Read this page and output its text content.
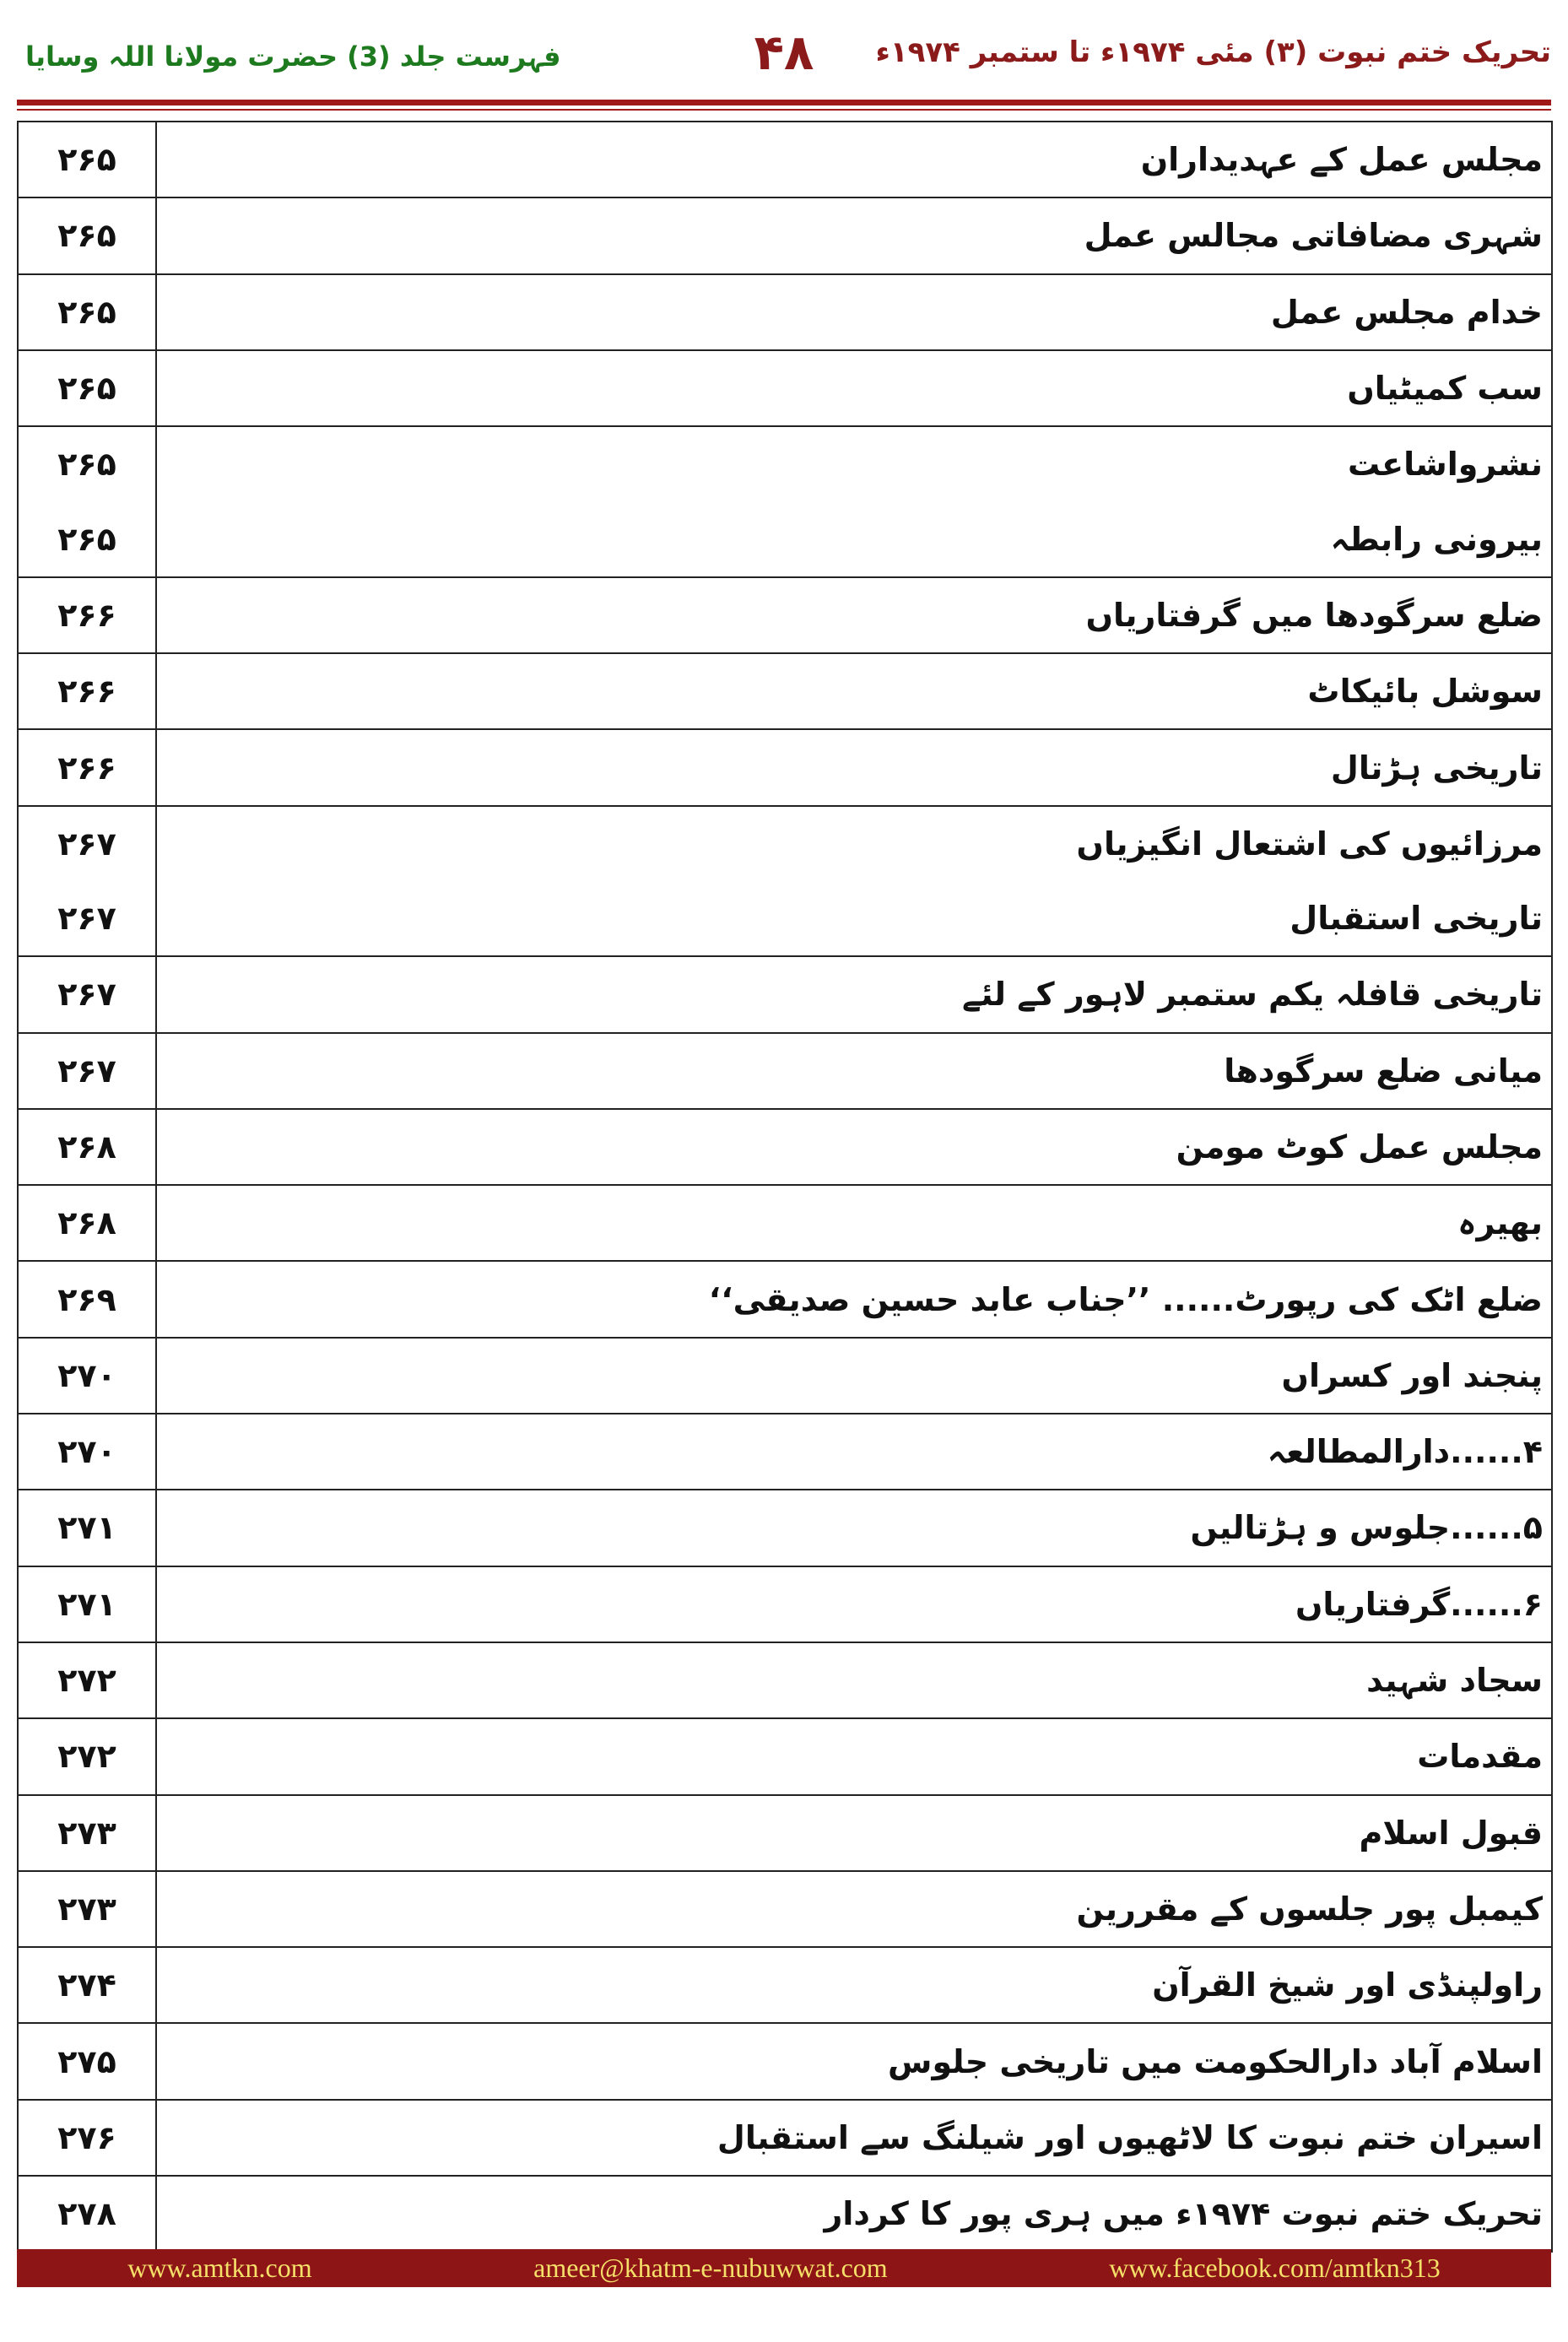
تحریک ختم نبوت (۳) مئی ۱۹۷۴ء تا ستمبر ۱۹۷۴ء
۴۸
فہرست جلد (3) حضرت مولانا اللہ وسایا
۲۶۵	مجلس عمل کے عہدیداران
۲۶۵	شہری مضافاتی مجالس عمل
۲۶۵	خدام مجلس عمل
۲۶۵	سب کمیٹیاں
۲۶۵	نشرواشاعت
۲۶۵	بیرونی رابطہ
۲۶۶	ضلع سرگودھا میں گرفتاریاں
۲۶۶	سوشل بائیکاٹ
۲۶۶	تاریخی ہڑتال
۲۶۷	مرزائیوں کی اشتعال انگیزیاں
۲۶۷	تاریخی استقبال
۲۶۷	تاریخی قافلہ یکم ستمبر لاہور کے لئے
۲۶۷	میانی ضلع سرگودھا
۲۶۸	مجلس عمل کوٹ مومن
۲۶۸	بھیرہ
۲۶۹	ضلع اٹک کی رپورٹ...... ’’جناب عابد حسین صدیقی‘‘
۲۷۰	پنجند اور کسراں
۲۷۰	۴......دارالمطالعہ
۲۷۱	۵......جلوس و ہڑتالیں
۲۷۱	۶......گرفتاریاں
۲۷۲	سجاد شہید
۲۷۲	مقدمات
۲۷۳	قبول اسلام
۲۷۳	کیمبل پور جلسوں کے مقررین
۲۷۴	راولپنڈی اور شیخ القرآن
۲۷۵	اسلام آباد دارالحکومت میں تاریخی جلوس
۲۷۶	اسیران ختم نبوت کا لاٹھیوں اور شیلنگ سے استقبال
۲۷۸	تحریک ختم نبوت ۱۹۷۴ء میں ہری پور کا کردار
www.amtkn.com	ameer@khatm-e-nubuwwat.com	www.facebook.com/amtkn313
